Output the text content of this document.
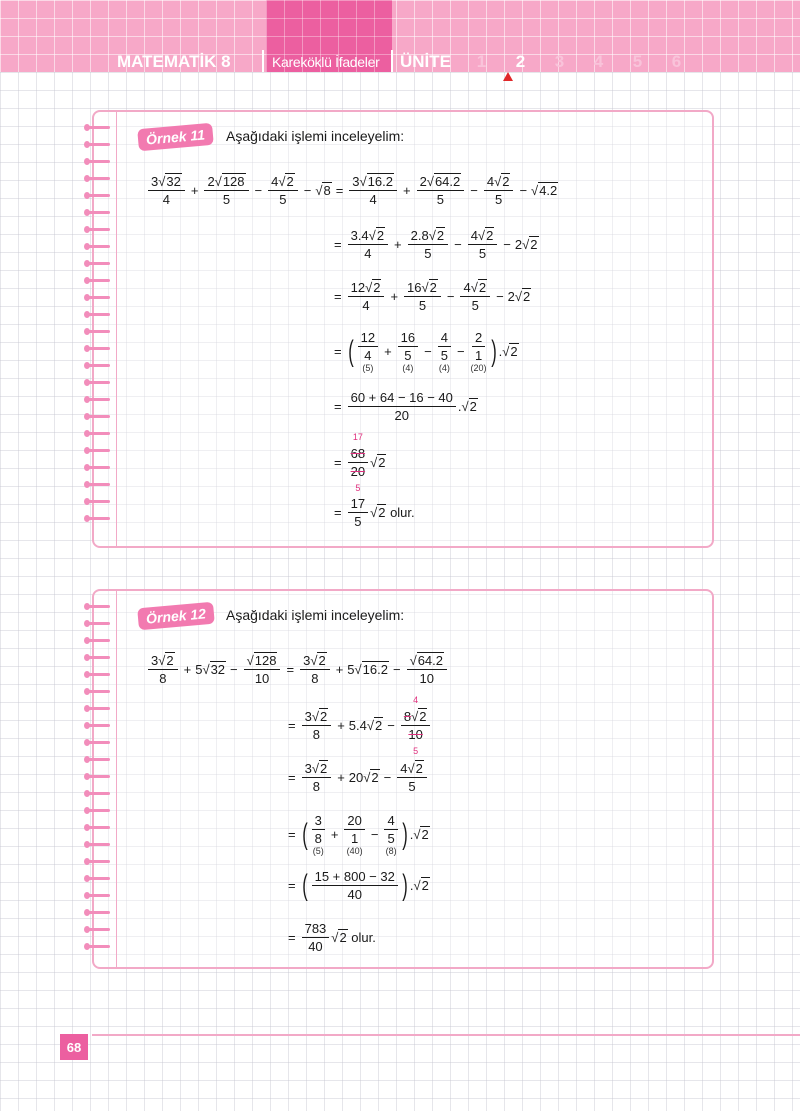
MATEMATİK 8	Kareköklü İfadeler ÜNİTE	1	2	3	4	5	6
Örnek 11	Aşağıdaki işlemi inceleyelim:
$\frac{3√32}{4} + \frac{2√128}{5} - \frac{4√2}{5} - √8 = \frac{3√16.2}{4} + \frac{2√64.2}{5} - \frac{4√2}{5} - √4.2$
= $\frac{3.4√2}{4} + \frac{2.8√2}{5} - \frac{4√2}{5} - 2$ √2
= $\frac{12√2}{4} + \frac{16√2}{5} - \frac{4√2}{5} - 2$ √2
= ( 12
4
(5)
+
16
5
(4)
−
4
5
(4)
−
2
1
(20)
) . √2
= $\frac{60 + 64 - 16 - 40}{20}$ . √2
=
17
68
20
5
√2
= $\frac{17}{5} √2$
olur.
Örnek 12	Aşağıdaki işlemi inceleyelim:
$\frac{3√2}{8} + 5$ $√32 - \frac{√128}{10} = \frac{3√2}{8} + 5$ $√16.2 - \frac{√64.2}{10}$
= $\frac{3√2}{8} + 5.4$ √2 −
4
8√2
10
5
= $\frac{3√2}{8} + 20$ $√2 - \frac{4√2}{5}$
= ( 3
8
(5)
+
20
1
(40)
−
4
5
(8)
) . √2
= ( $\frac{15 + 800 - 32}{40}$ ) . √2
= $\frac{783}{40} √2$
olur.
68
